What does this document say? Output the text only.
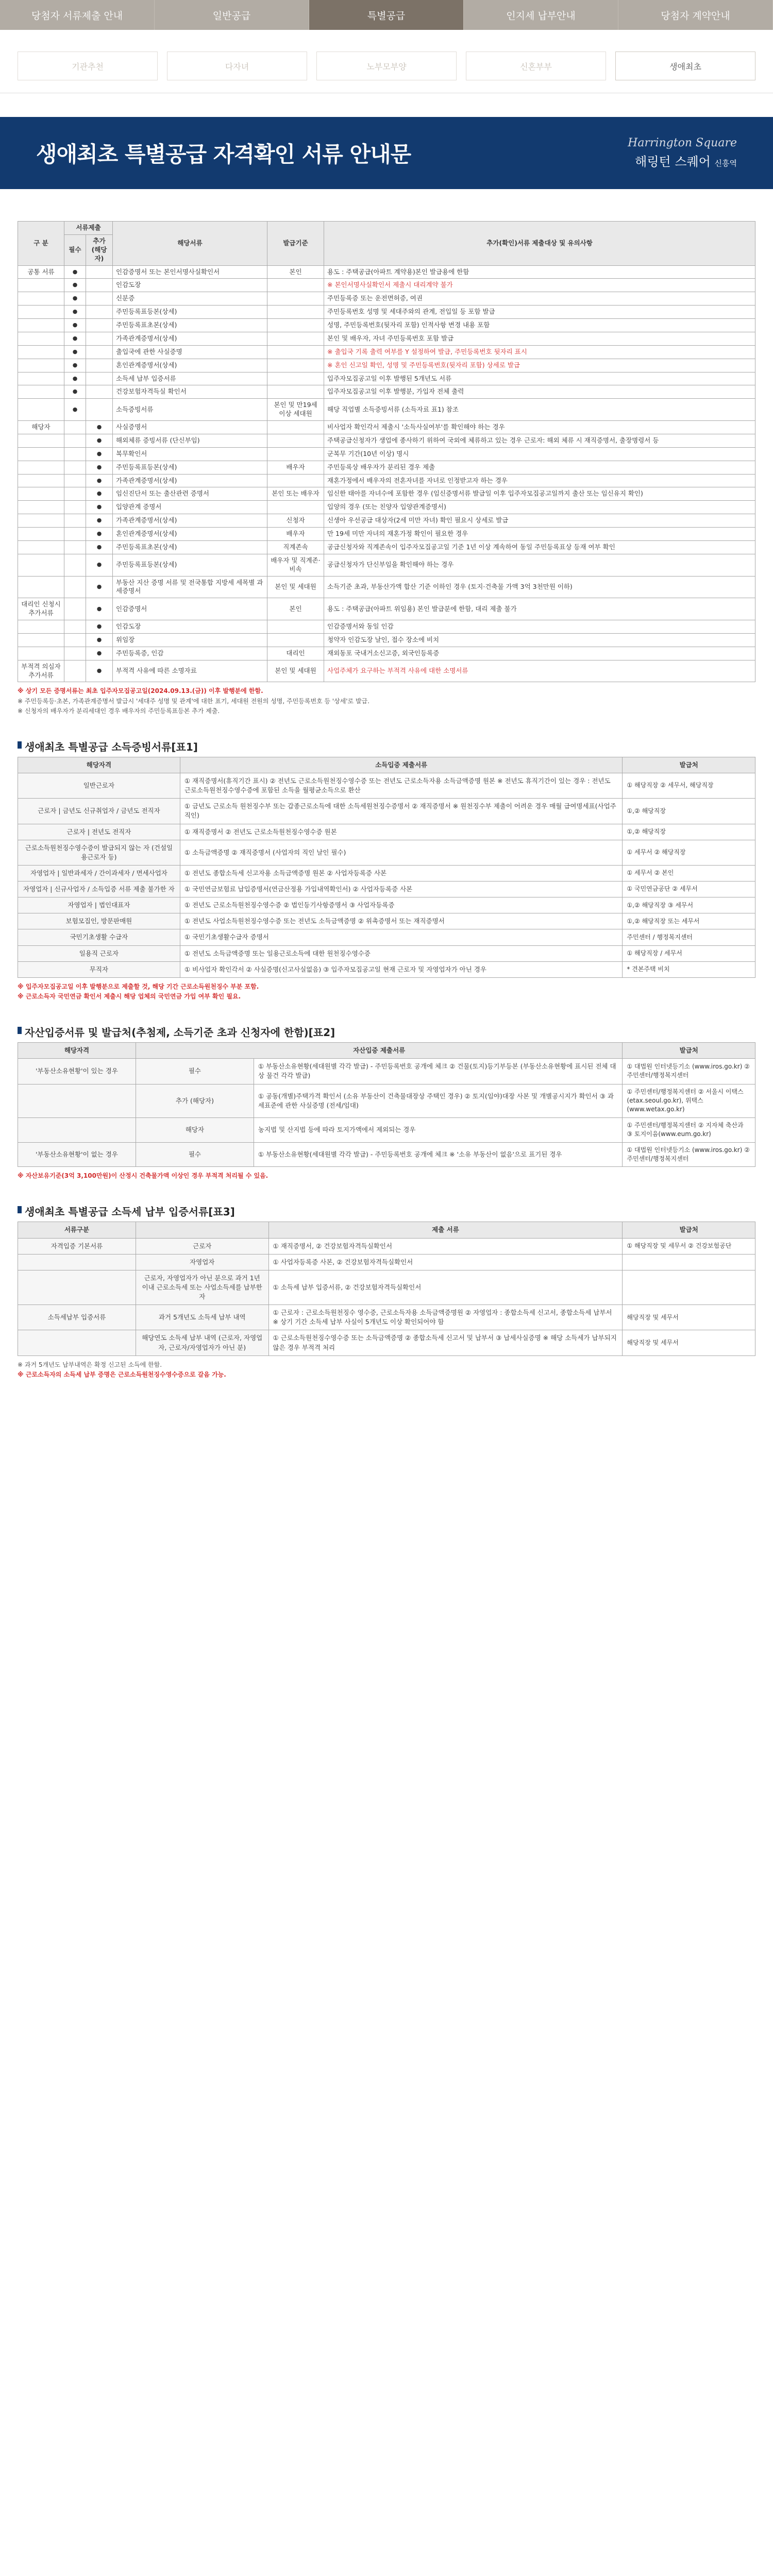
당첨자 서류제출 안내	일반공급	특별공급	인지세 납부안내	당첨자 계약안내
기관추천	다자녀	노부모부양	신혼부부	생애최초
생애최초 특별공급 자격확인 서류 안내문	Harrington Square
해링턴 스퀘어 신흥역
구 분	서류제출		해당서류	발급기준	추가(확인)서류 제출대상 및 유의사항
	필수	추가 (해당자)			
공통 서류	●		인감증명서 또는 본인서명사실확인서	본인	용도 : 주택공급(아파트 계약용)본인 발급용에 한함
	●		인감도장		※ 본인서명사실확인서 제출시 대리계약 불가
	●		신분증		주민등록증 또는 운전면허증, 여권
	●		주민등록표등본(상세)		주민등록번호 성명 및 세대주와의 관계, 전입일 등 포함 발급
	●		주민등록표초본(상세)		성명, 주민등록번호(뒷자리 포함) 인적사항 변경 내용 포함
	●		가족관계증명서(상세)		본인 및 배우자, 자녀 주민등록번호 포함 발급
	●		출입국에 관한 사실증명		※ 출입국 기록 출력 여부를 Y 설정하여 발급, 주민등록번호 뒷자리 표시
	●		혼인관계증명서(상세)		※ 혼인 신고일 확인, 성명 및 주민등록번호(뒷자리 포함) 상세로 발급
	●		소득세 납부 입증서류		입주자모집공고일 이후 발행된 5개년도 서류
	●		건강보험자격득실 확인서		입주자모집공고일 이후 발행분, 가입자 전체 출력
	●		소득증빙서류	본인 및 만19세 이상 세대원	해당 직업별 소득증빙서류 (소득자료 표1) 참조
해당자		●	사실증명서		비사업자 확인각서 제출시 '소득사실여부'를 확인해야 하는 경우
		●	해외체류 증빙서류 (단신부임)		주택공급신청자가 생업에 종사하기 위하여 국외에 체류하고 있는 경우 근로자: 해외 체류 시 재직증명서, 출장명령서 등
		●	복무확인서		군복무 기간(10년 이상) 명시
		●	주민등록표등본(상세)	배우자	주민등록상 배우자가 분리된 경우 제출
		●	가족관계증명서(상세)		재혼가정에서 배우자의 전혼자녀를 자녀로 인정받고자 하는 경우
		●	임신진단서 또는 출산관련 증명서	본인 또는 배우자	임신한 태아를 자녀수에 포함한 경우 (임신증명서류 발급일 이후 입주자모집공고일까지 출산 또는 임신유지 확인)
		●	입양관계 증명서		입양의 경우 (또는 친양자 입양관계증명서)
		●	가족관계증명서(상세)	신청자	신생아 우선공급 대상자(2세 미만 자녀) 확인 필요시 상세로 발급
		●	혼인관계증명서(상세)	배우자	만 19세 미만 자녀의 재혼가정 확인이 필요한 경우
		●	주민등록표초본(상세)	직계존속	공급신청자와 직계존속이 입주자모집공고일 기준 1년 이상 계속하여 동일 주민등록표상 등재 여부 확인
		●	주민등록표등본(상세)	배우자 및 직계존·비속	공급신청자가 단신부임을 확인해야 하는 경우
		●	부동산 지산 증명 서류 및 전국통합 지방세 세목별 과세증명서	본인 및 세대원	소득기준 초과, 부동산가액 합산 기준 이하인 경우 (토지·건축물 가액 3억 3천만원 이하)
대리인 신청시 추가서류		●	인감증명서	본인	용도 : 주택공급(아파트 위임용) 본인 발급분에 한함, 대리 제출 불가
		●	인감도장		인감증명서와 동일 인감
		●	위임장		청약자 인감도장 날인, 접수 장소에 비치
		●	주민등록증, 인감	대리인	재외동포 국내거소신고증, 외국인등록증
부적격 의심자 추가서류		●	부적격 사유에 따른 소명자료	본인 및 세대원	사업주체가 요구하는 부적격 사유에 대한 소명서류
※ 상기 모든 증명서류는 최초 입주자모집공고일(2024.09.13.(금)) 이후 발행분에 한함.
※ 주민등록등·초본, 가족관계증명서 발급시 '세대주 성명 및 관계'에 대한 표기, 세대원 전원의 성명, 주민등록번호 등 '상세'로 발급.
※ 신청자의 배우자가 분리세대인 경우 배우자의 주민등록표등본 추가 제출.
생애최초 특별공급 소득증빙서류[표1]
해당자격	소득입증 제출서류	발급처
일반근로자	① 재직증명서(휴직기간 표시) ② 전년도 근로소득원천징수영수증 또는 전년도 근로소득자용 소득금액증명 원본 ※ 전년도 휴직기간이 있는 경우 : 전년도 근로소득원천징수영수증에 포함된 소득을 월평균소득으로 환산	① 해당직장 ② 세무서, 해당직장
근로자 | 금년도 신규취업자 / 금년도 전직자	① 금년도 근로소득 원천징수부 또는 갑종근로소득에 대한 소득세원천징수증명서 ② 재직증명서 ※ 원천징수부 제출이 어려운 경우 매월 급여명세표(사업주 직인)	①,② 해당직장
근로자 | 전년도 전직자	① 재직증명서 ② 전년도 근로소득원천징수영수증 원본	①,② 해당직장
근로소득원천징수영수증이 발급되지 않는 자 (건설일용근로자 등)	① 소득금액증명 ② 재직증명서 (사업자의 직인 날인 필수)	① 세무서 ② 해당직장
자영업자 | 일반과세자 / 간이과세자 / 면세사업자	① 전년도 종합소득세 신고자용 소득금액증명 원본 ② 사업자등록증 사본	① 세무서 ② 본인
자영업자 | 신규사업자 / 소득입증 서류 제출 불가한 자	① 국민연금보험료 납입증명서(연금산정용 가입내역확인서) ② 사업자등록증 사본	① 국민연금공단 ② 세무서
자영업자 | 법인대표자	① 전년도 근로소득원천징수영수증 ② 법인등기사항증명서 ③ 사업자등록증	①,② 해당직장 ③ 세무서
보험모집인, 방문판매원	① 전년도 사업소득원천징수영수증 또는 전년도 소득금액증명 ② 위촉증명서 또는 재직증명서	①,② 해당직장 또는 세무서
국민기초생활 수급자	① 국민기초생활수급자 증명서	주민센터 / 행정복지센터
일용직 근로자	① 전년도 소득금액증명 또는 일용근로소득에 대한 원천징수영수증	① 해당직장 / 세무서
무직자	① 비사업자 확인각서 ② 사실증명(신고사실없음) ③ 입주자모집공고일 현재 근로자 및 자영업자가 아닌 경우	* 견본주택 비치
※ 입주자모집공고일 이후 발행분으로 제출할 것, 해당 기간 근로소득원천징수 부분 포함.
※ 근로소득자 국민연금 확인서 제출시 해당 업체의 국민연금 가입 여부 확인 필요.
자산입증서류 및 발급처(추첨제, 소득기준 초과 신청자에 한함)[표2]
해당자격	자산입증 제출서류		발급처
'부동산소유현황'이 있는 경우	필수	① 부동산소유현황(세대원별 각각 발급) - 주민등록번호 공개에 체크 ② 건물(토지)등기부등본 (부동산소유현황에 표시된 전체 대상 물건 각각 발급)	① 대법원 인터넷등기소 (www.iros.go.kr) ② 주민센터/행정복지센터
	추가 (해당자)	① 공동(개별)주택가격 확인서 (소유 부동산이 건축물대장상 주택인 경우) ② 토지(임야)대장 사본 및 개별공시지가 확인서 ③ 과세표준에 관한 사실증명 (전세/임대)	① 주민센터/행정복지센터 ② 서울시 이택스(etax.seoul.go.kr), 위택스(www.wetax.go.kr)
	해당자	농지법 및 산지법 등에 따라 토지가액에서 제외되는 경우	① 주민센터/행정복지센터 ② 지자체 축산과 ③ 토지이음(www.eum.go.kr)
'부동산소유현황'이 없는 경우	필수	① 부동산소유현황(세대원별 각각 발급) - 주민등록번호 공개에 체크 ※ '소유 부동산이 없음'으로 표기된 경우	① 대법원 인터넷등기소 (www.iros.go.kr) ② 주민센터/행정복지센터
※ 자산보유기준(3억 3,100만원)이 산정시 건축물가액 이상인 경우 부적격 처리될 수 있음.
생애최초 특별공급 소득세 납부 입증서류[표3]
서류구분		제출 서류	발급처
자격입증 기본서류	근로자	① 재직증명서, ② 건강보험자격득실확인서	① 해당직장 및 세무서 ② 건강보험공단
	자영업자	① 사업자등록증 사본, ② 건강보험자격득실확인서	
	근로자, 자영업자가 아닌 분으로 과거 1년 이내 근로소득세 또는 사업소득세를 납부한 자	① 소득세 납부 입증서류, ② 건강보험자격득실확인서	
소득세납부 입증서류	과거 5개년도 소득세 납부 내역	① 근로자 : 근로소득원천징수 영수증, 근로소득자용 소득금액증명원 ② 자영업자 : 종합소득세 신고서, 종합소득세 납부서 ※ 상기 기간 소득세 납부 사실이 5개년도 이상 확인되어야 함	해당직장 및 세무서
	해당연도 소득세 납부 내역 (근로자, 자영업자, 근로자/자영업자가 아닌 분)	① 근로소득원천징수영수증 또는 소득금액증명 ② 종합소득세 신고서 및 납부서 ③ 납세사실증명 ※ 해당 소득세가 납부되지 않은 경우 부적격 처리	해당직장 및 세무서
※ 과거 5개년도 납부내역은 확정 신고된 소득에 한함.
※ 근로소득자의 소득세 납부 증명은 근로소득원천징수영수증으로 갈음 가능.
